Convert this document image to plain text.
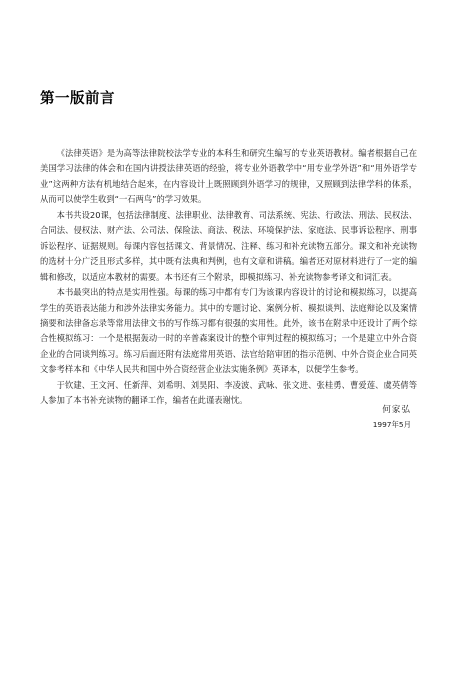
第一版前言

《法律英语》是为高等法律院校法学专业的本科生和研究生编写的专业英语教材。编者根据自己在美国学习法律的体会和在国内讲授法律英语的经验，将专业外语教学中“用专业学外语”和“用外语学专业”这两种方法有机地结合起来，在内容设计上既照顾到外语学习的规律，又照顾到法律学科的体系，从而可以使学生收到“一石两鸟”的学习效果。

本书共设20课，包括法律制度、法律职业、法律教育、司法系统、宪法、行政法、刑法、民权法、合同法、侵权法、财产法、公司法、保险法、商法、税法、环境保护法、家庭法、民事诉讼程序、刑事诉讼程序、证据规则。每课内容包括课文、背景情况、注释、练习和补充读物五部分。课文和补充读物的选材十分广泛且形式多样，其中既有法典和判例，也有文章和讲稿。编者还对原材料进行了一定的编辑和修改，以适应本教材的需要。本书还有三个附录，即模拟练习、补充读物参考译文和词汇表。

本书最突出的特点是实用性强。每课的练习中都有专门为该课内容设计的讨论和模拟练习，以提高学生的英语表达能力和涉外法律实务能力。其中的专题讨论、案例分析、模拟谈判、法庭辩论以及案情摘要和法律备忘录等常用法律文书的写作练习都有很强的实用性。此外，该书在附录中还设计了两个综合性模拟练习：一个是根据轰动一时的辛普森案设计的整个审判过程的模拟练习；一个是建立中外合资企业的合同谈判练习。练习后面还附有法庭常用英语、法官给陪审团的指示范例、中外合资企业合同英文参考样本和《中华人民共和国中外合资经营企业法实施条例》英译本，以便学生参考。

于钦建、王文河、任新萍、刘希明、刘昊阳、李凌波、武咏、张文进、张桂勇、曹爱莲、虞英倩等人参加了本书补充读物的翻译工作，编者在此谨表谢忱。

何家弘
1997年5月
